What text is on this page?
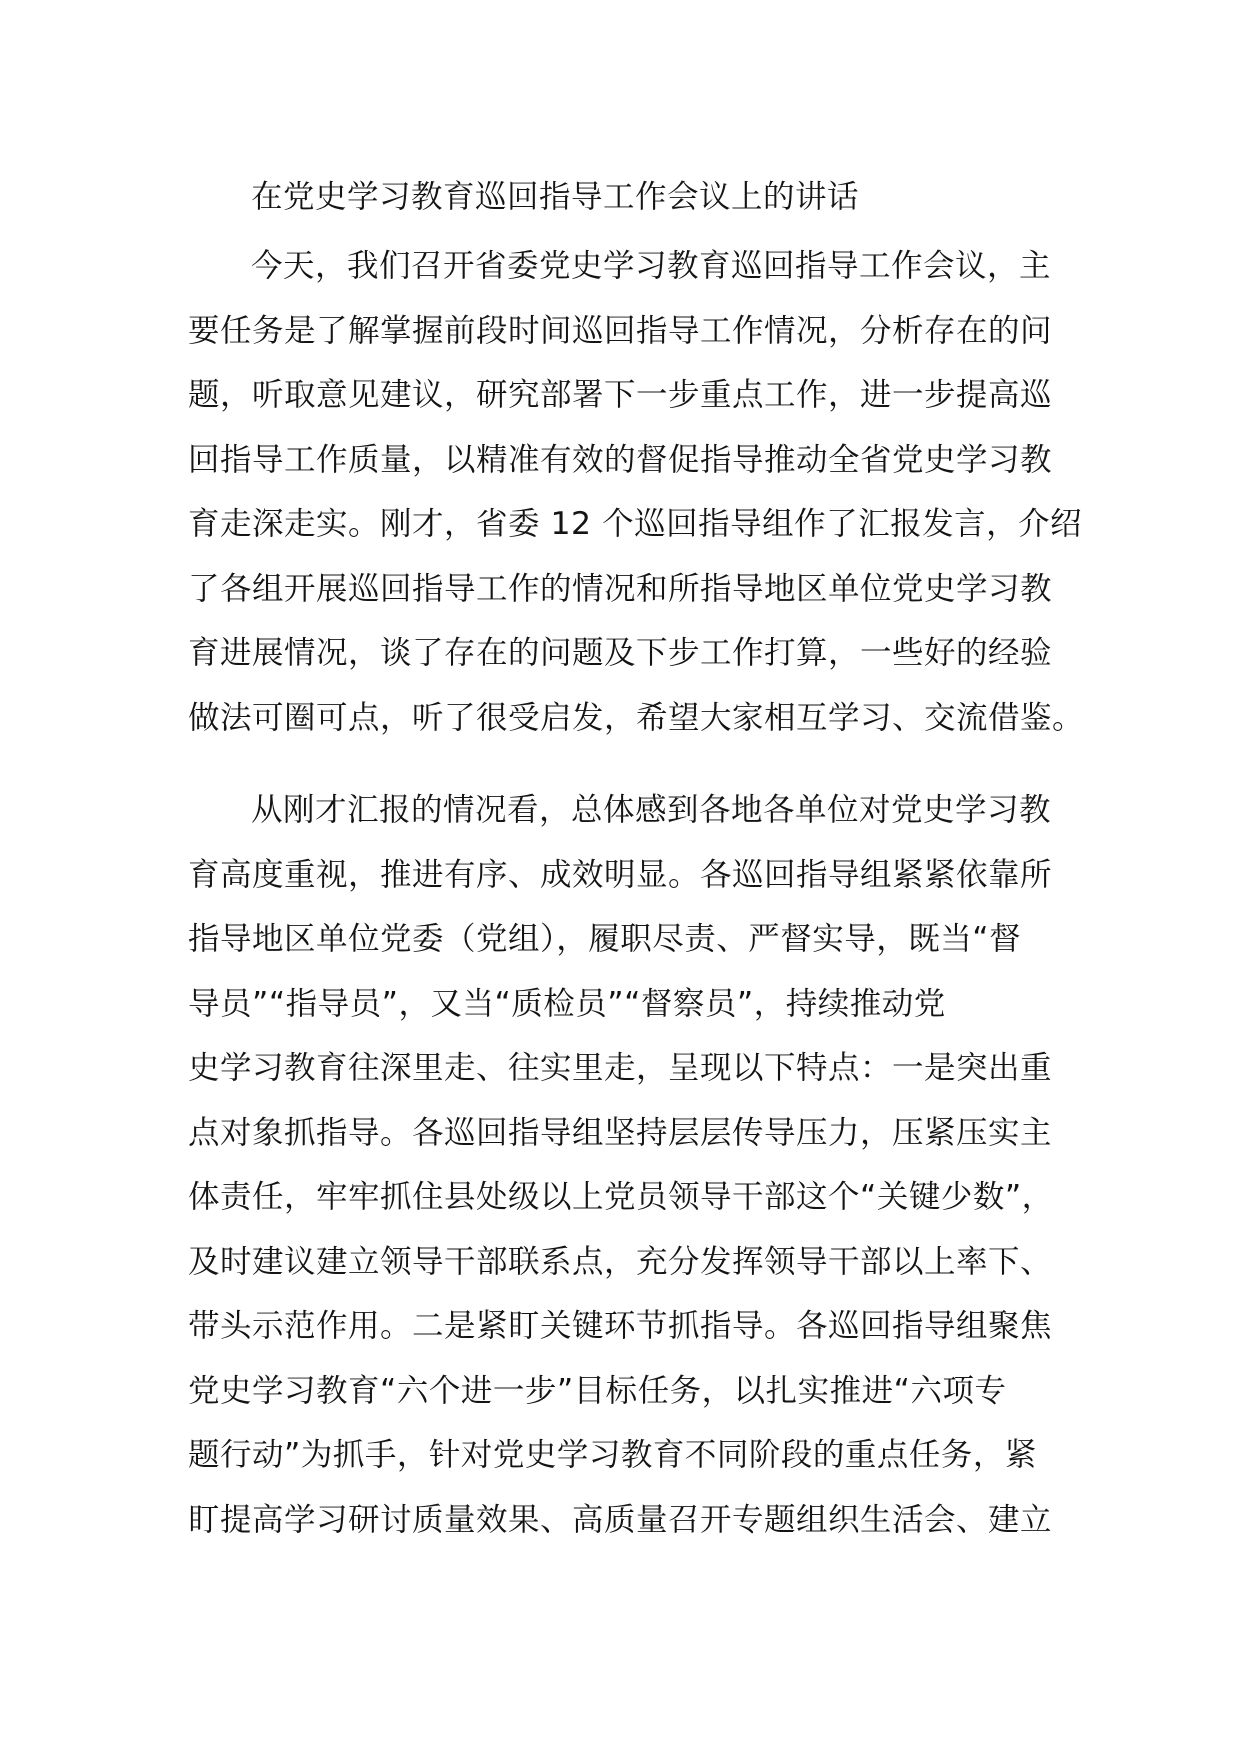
在党史学习教育巡回指导工作会议上的讲话
今天，我们召开省委党史学习教育巡回指导工作会议，主
要任务是了解掌握前段时间巡回指导工作情况，分析存在的问
题，听取意见建议，研究部署下一步重点工作，进一步提高巡
回指导工作质量，以精准有效的督促指导推动全省党史学习教
育走深走实。刚才，省委 12 个巡回指导组作了汇报发言，介绍
了各组开展巡回指导工作的情况和所指导地区单位党史学习教
育进展情况，谈了存在的问题及下步工作打算，一些好的经验
做法可圈可点，听了很受启发，希望大家相互学习、交流借鉴。
从刚才汇报的情况看，总体感到各地各单位对党史学习教
育高度重视，推进有序、成效明显。各巡回指导组紧紧依靠所
指导地区单位党委（党组），履职尽责、严督实导，既当“督
导员”“指导员”，又当“质检员”“督察员”，持续推动党
史学习教育往深里走、往实里走，呈现以下特点：一是突出重
点对象抓指导。各巡回指导组坚持层层传导压力，压紧压实主
体责任，牢牢抓住县处级以上党员领导干部这个“关键少数”，
及时建议建立领导干部联系点，充分发挥领导干部以上率下、
带头示范作用。二是紧盯关键环节抓指导。各巡回指导组聚焦
党史学习教育“六个进一步”目标任务，以扎实推进“六项专
题行动”为抓手，针对党史学习教育不同阶段的重点任务，紧
盯提高学习研讨质量效果、高质量召开专题组织生活会、建立
